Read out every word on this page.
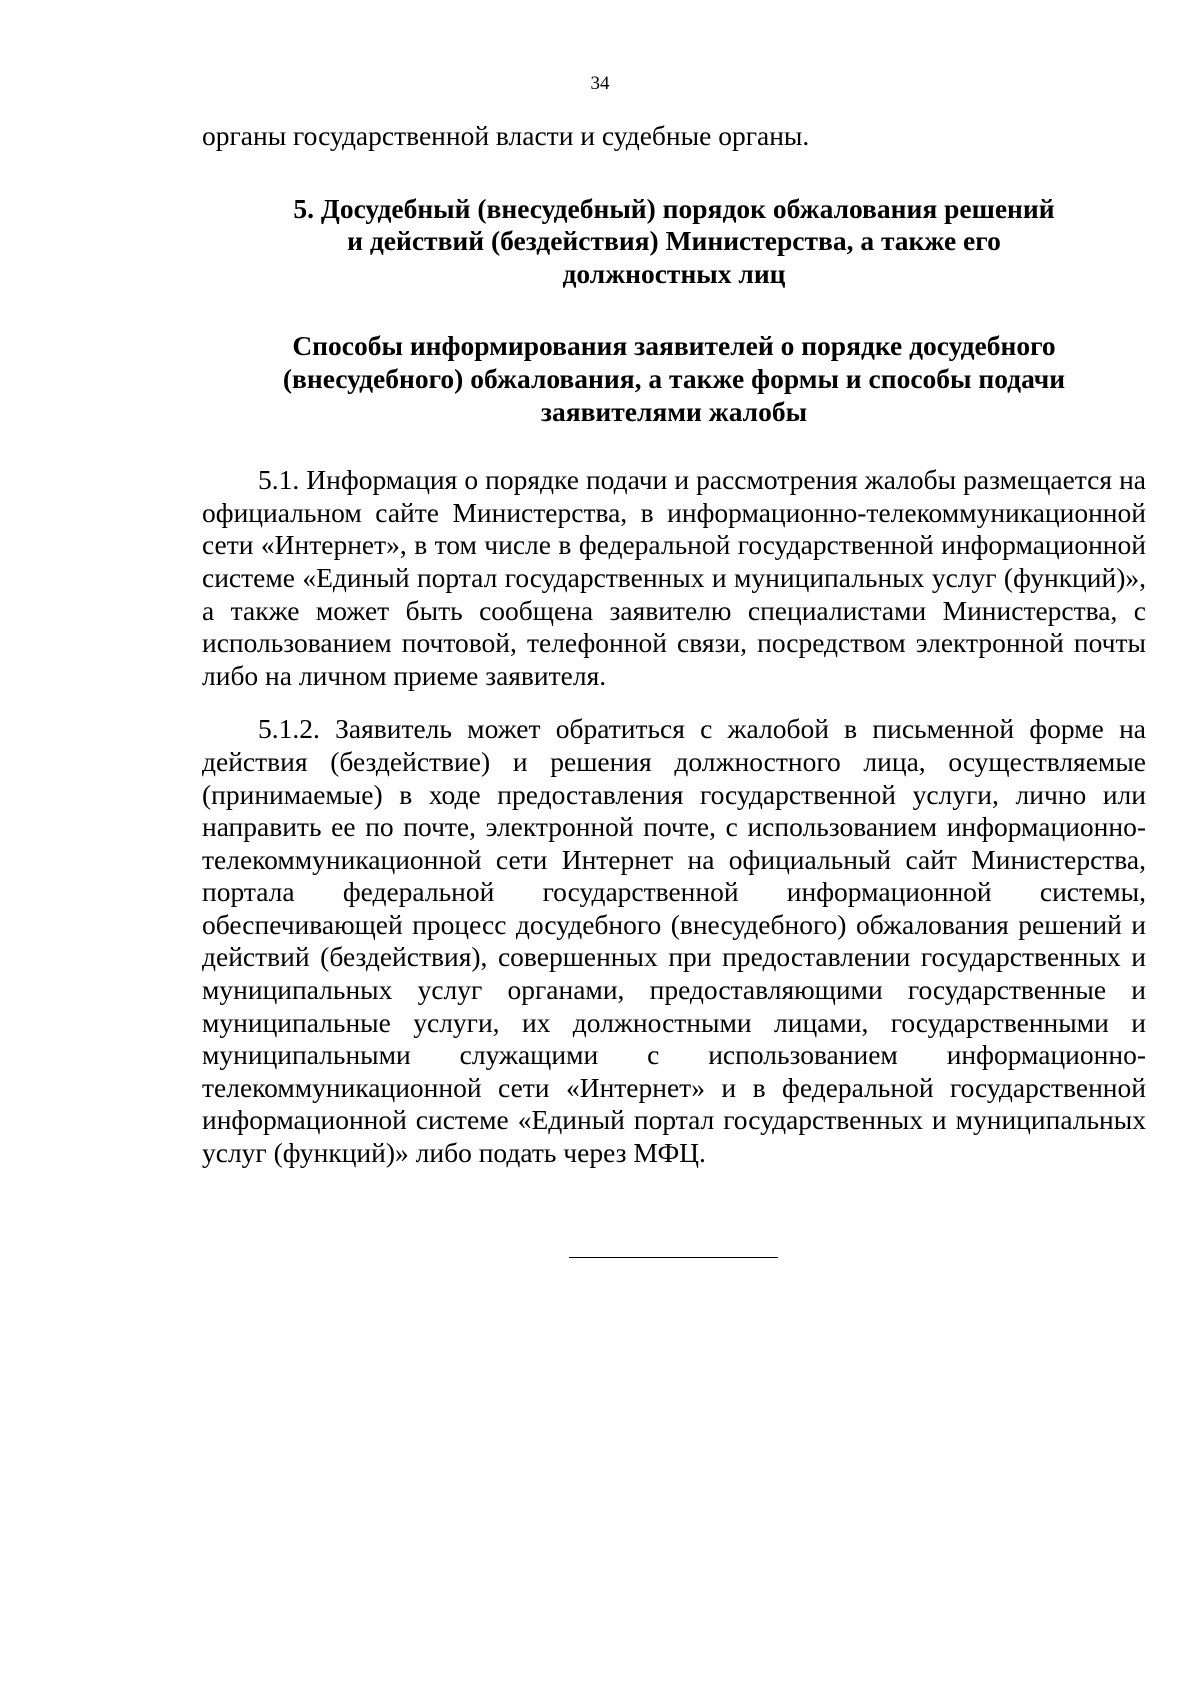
34

органы государственной власти и судебные органы.

5. Досудебный (внесудебный) порядок обжалования решений
и действий (бездействия) Министерства, а также его
должностных лиц
Способы информирования заявителей о порядке досудебного
(внесудебного) обжалования, а также формы и способы подачи
заявителями жалобы

5.1. Информация о порядке подачи и рассмотрения жалобы размещается на официальном сайте Министерства, в информационно-телекоммуникационной сети «Интернет», в том числе в федеральной государственной информационной системе «Единый портал государственных и муниципальных услуг (функций)», а также может быть сообщена заявителю специалистами Министерства, с использованием почтовой, телефонной связи, посредством электронной почты либо на личном приеме заявителя.

5.1.2. Заявитель может обратиться с жалобой в письменной форме на действия (бездействие) и решения должностного лица, осуществляемые (принимаемые) в ходе предоставления государственной услуги, лично или направить ее по почте, электронной почте, с использованием информационно-телекоммуникационной сети Интернет на официальный сайт Министерства, портала федеральной государственной информационной системы, обеспечивающей процесс досудебного (внесудебного) обжалования решений и действий (бездействия), совершенных при предоставлении государственных и муниципальных услуг органами, предоставляющими государственные и муниципальные услуги, их должностными лицами, государственными и муниципальными служащими с использованием информационно-телекоммуникационной сети «Интернет» и в федеральной государственной информационной системе «Единый портал государственных и муниципальных услуг (функций)» либо подать через МФЦ.
